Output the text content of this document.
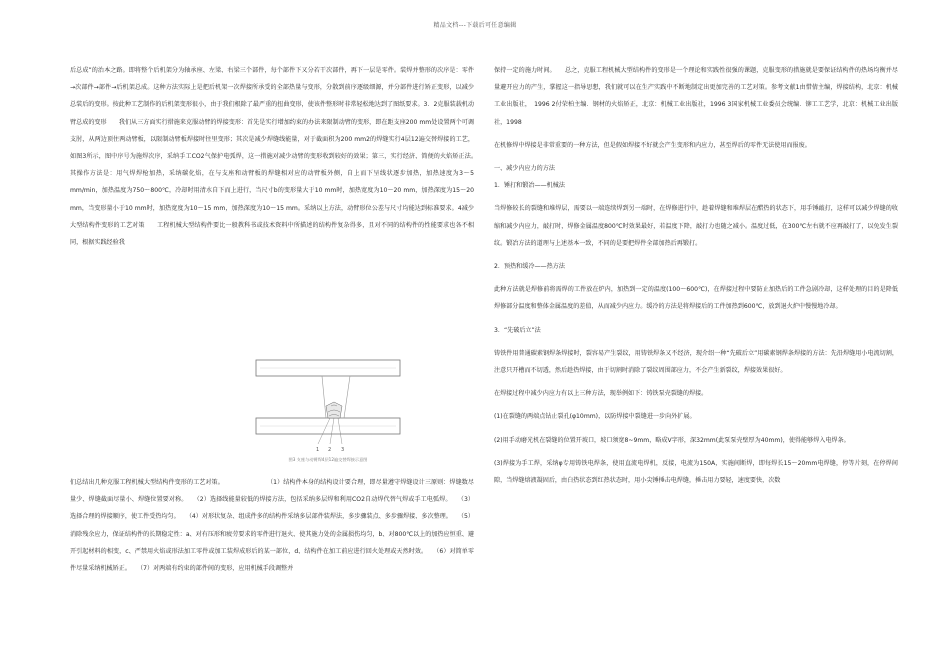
精品文档---下载后可任意编辑

后总成”的治本之路。即将整个后机架分为轴承座、左梁、右梁三个部件，每个部件下又分若干次部件，再下一层是零件。装焊并整形的次序是：零件→次部件→部件→后机架总成。这种方法实际上是把后机架一次焊接所承受的全部热量与变形，分散到前序逐级细源，并分部件进行矫正变形，以减少总装后的变形。按此种工艺制作的后机架变形很小，由于我们根除了最严重的扭曲变形，使该件整形时非常轻松地达到了图纸要求。3．2克服装载机动臂总成的变形　　我们从三方面实行措施来克服动臂的焊接变形：首先是实行增加约束的办法来限制动臂的变形，即在距支座200 mm处设置两个可调支肘，从两边顶住两动臂板，以限制动臂板焊接时往里变形；其次是减少焊缝线能量，对于截面积为200 mm2的焊缝实行4层12遍交替焊接的工艺，如图3所示，图中序号为施焊次序，采纳手工CO2气保护电弧焊，这一措施对减少动臂的变形收到较好的效果；第三，实行经济、简便的火焰矫正法。　　其操作方法是：用气焊焊枪加热，采纳碳化焰，在与支座和动臂板的焊缝相对应的动臂板外侧，自上而下呈线状逐步加热，加热速度为3～5 mm/min，加热温度为750～800℃，冷却时用清水自下而上进行，当尺寸b的变形量大于10 mm时，加热宽度为10～20 mm，加热深度为15～20 mm，当变形量小于10 mm时，加热宽度为10～15 mm，加热深度为10～15 mm。采纳以上方法，动臂形位公差与尺寸均能达到标准要求。4减少大型结构件变形的工艺对策　　工程机械大型结构件要比一般教科书或技术资料中所描述的结构件复杂得多，且对不同的结构件的性能要求也各不相同，根据实践经验我

1 2 3
图3 支座与动臂焊4层12遍交替焊接示意图

们总结出几种克服工程机械大型结构件变形的工艺对策。　　　　　　　　（1）结构件本身的结构设计要合理，即尽量遵守焊缝设计三原则：焊缝数尽量少、焊缝截面尽量小、焊缝位置要对称。　　（2）选择线能量较低的焊接方法，包括采纳多层焊和利用CO2自动焊代替气焊或手工电弧焊。　　（3）选择合理的焊接顺序，使工件受热均匀。　　（4）对形状复杂、组成件多的结构件采纳多层部件装焊法，多步骤装点、多步骤焊接、多次整理。　　（5）消除残余应力，保证结构件的长期稳定性：a、对有压形和疲劳要求的零件进行退火、使其施力处的金属损伤均匀，b、对800℃以上的加热应恒重、避开引起材料的相变，c、严禁用火焰或形法加工零件或加工装焊成形后的某一部位，d、结构件在加工前应进行回火处理或天然时效。　　（6）对简单零件尽量采纳机械矫正。　　（7）对两端有约束的部件间的变形，应用机械手段调整并

保持一定的施力时间。　　总之，克服工程机械大型结构件的变形是一个理论和实践性很强的课题，克服变形的措施就是要保证结构件的热场均衡并尽量避开应力的产生，掌握这一指导思想，我们就可以在生产实践中不断地制定出更加完善的工艺对策。参考文献1由惜倩主编，焊接结构，北京：机械工业出版社，　1996 2付荣柏主编．钢材的火焰矫正，北京：机械工业出版社，1996 3国家机械工业委员会统编．铆工工艺学，北京：机械工业出版社，1998

在机修焊中焊接是非常重要的一种方法，但是假如焊接不好就会产生变形和内应力，甚至焊后的零件无法使用而报废。

一、减少内应力的方法

1．锤打和锻冶——机械法

当焊修较长的裂缝和堆焊层，需要以一端连续焊到另一端时，在焊修进行中，趁着焊缝和堆焊层在醋热的状态下，用手锤敲打，这样可以减少焊缝的收缩和减少内应力，敲打时，焊修金属温度800℃时效果最好，若温度下降，敲打力也随之减小。温度过低，在300℃左右就不应再敲打了，以免发生裂纹。锻冶方法的道理与上述基本一致，不同的是要把焊件全部加热后再锻打。

2．预热和缓冷——热方法

此种方法就是焊修前将需焊的工件放在炉内，加热到一定的温度(100～600℃)，在焊接过程中要防止加热后的工件急剧冷却，这样处理的目的是降低焊修部分温度和整体金属温度的差值，从而减少内应力。缓冷的方法是将焊接后的工件加热到600℃，放到退火炉中慢慢地冷却。

3．“先破后立”法

铸铁件用普通碳素钢焊条焊接时，裂容易产生裂纹，用铸铁焊条又不经济，现介绍一种“先破后立”用碳素钢焊条焊接的方法：先沿焊缝用小电流切割，注意只开槽而不切透，然后趁热焊接，由于切割时消除了裂纹周围部应力，不会产生新裂纹，焊接效果很好。

在焊接过程中减少内应力有以上三种方法，现举例如下：铸铁泵壳裂缝的焊接。

(1)在裂缝的两端点钻止裂孔(φ10mm)，以防焊接中裂缝进一步向外扩展。

(2)用手动磨光机在裂缝的位置开坡口，坡口须宽8~9mm，略成V字形，深32mm(此泵泵壳壁厚为40mm)，使得能够焊入电焊条。

(3)焊接为手工焊，采纳φ专用铸铁电焊条，使用直流电焊机，反接，电流为150A，实施间断焊，即每焊长15～20mm电焊缝，停等片刻，在停焊间隙，当焊缝熔液凝固后，由白热状态到红热状态时，用小尖锤捶击电焊缝，捶击用力要轻，速度要快，次数
